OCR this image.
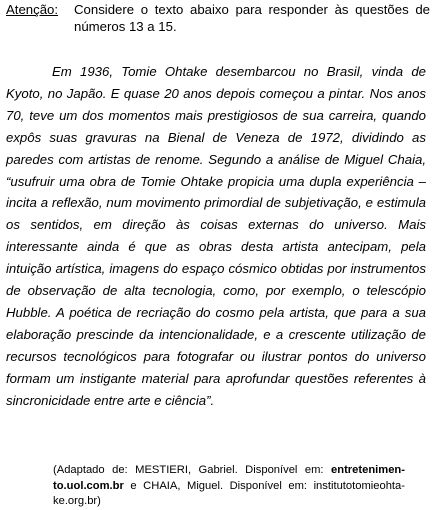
Atenção:	Considere o texto abaixo para responder às questões de números 13 a 15.

Em 1936, Tomie Ohtake desembarcou no Brasil, vinda de Kyoto, no Japão. E quase 20 anos depois começou a pintar. Nos anos 70, teve um dos momentos mais prestigiosos de sua carreira, quando expôs suas gravuras na Bienal de Veneza de 1972, dividindo as paredes com artistas de renome. Segundo a análise de Miguel Chaia, “usufruir uma obra de Tomie Ohtake propicia uma dupla experiência – incita a reflexão, num movimento primordial de subjetivação, e estimula os sentidos, em direção às coisas externas do universo. Mais interessante ainda é que as obras desta artista antecipam, pela intuição artística, imagens do espaço cósmico obtidas por instrumentos de observação de alta tecnologia, como, por exemplo, o telescópio Hubble. A poética de recriação do cosmo pela artista, que para a sua elaboração prescinde da intencionalidade, e a crescente utilização de recursos tecnológicos para fotografar ou ilustrar pontos do universo formam um instigante material para aprofundar questões referentes à sincronicidade entre arte e ciência”.

(Adaptado de: MESTIERI, Gabriel. Disponível em: entretenimento.uol.com.br e CHAIA, Miguel. Disponível em: institutotomieohtake.org.br)
